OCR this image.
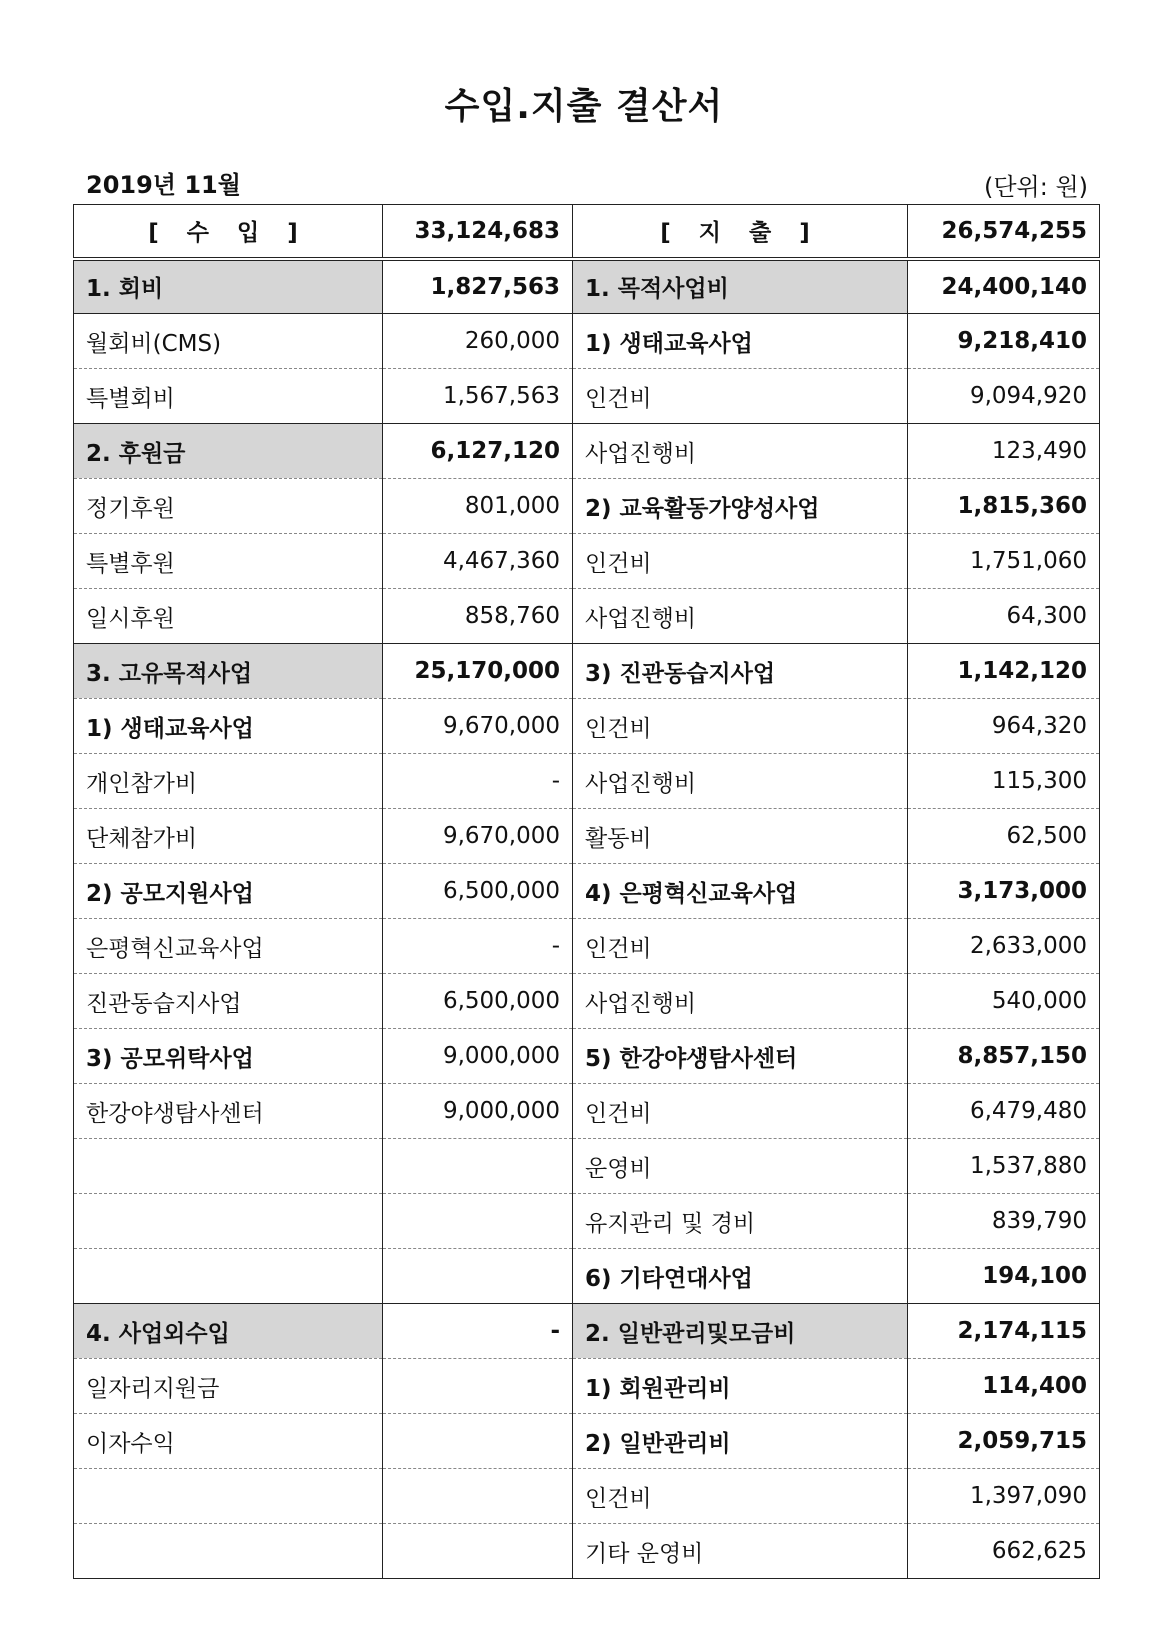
수입.지출 결산서
2019년 11월	(단위: 원)
[ 수 입 ]	33,124,683	[ 지 출 ]	26,574,255
1. 회비	1,827,563	1. 목적사업비	24,400,140
월회비(CMS)	260,000	1) 생태교육사업	9,218,410
특별회비	1,567,563	인건비	9,094,920
2. 후원금	6,127,120	사업진행비	123,490
정기후원	801,000	2) 교육활동가양성사업	1,815,360
특별후원	4,467,360	인건비	1,751,060
일시후원	858,760	사업진행비	64,300
3. 고유목적사업	25,170,000	3) 진관동습지사업	1,142,120
1) 생태교육사업	9,670,000	인건비	964,320
개인참가비	-	사업진행비	115,300
단체참가비	9,670,000	활동비	62,500
2) 공모지원사업	6,500,000	4) 은평혁신교육사업	3,173,000
은평혁신교육사업	-	인건비	2,633,000
진관동습지사업	6,500,000	사업진행비	540,000
3) 공모위탁사업	9,000,000	5) 한강야생탐사센터	8,857,150
한강야생탐사센터	9,000,000	인건비	6,479,480
		운영비	1,537,880
		유지관리 및 경비	839,790
		6) 기타연대사업	194,100
4. 사업외수입	-	2. 일반관리및모금비	2,174,115
일자리지원금		1) 회원관리비	114,400
이자수익		2) 일반관리비	2,059,715
		인건비	1,397,090
		기타 운영비	662,625
